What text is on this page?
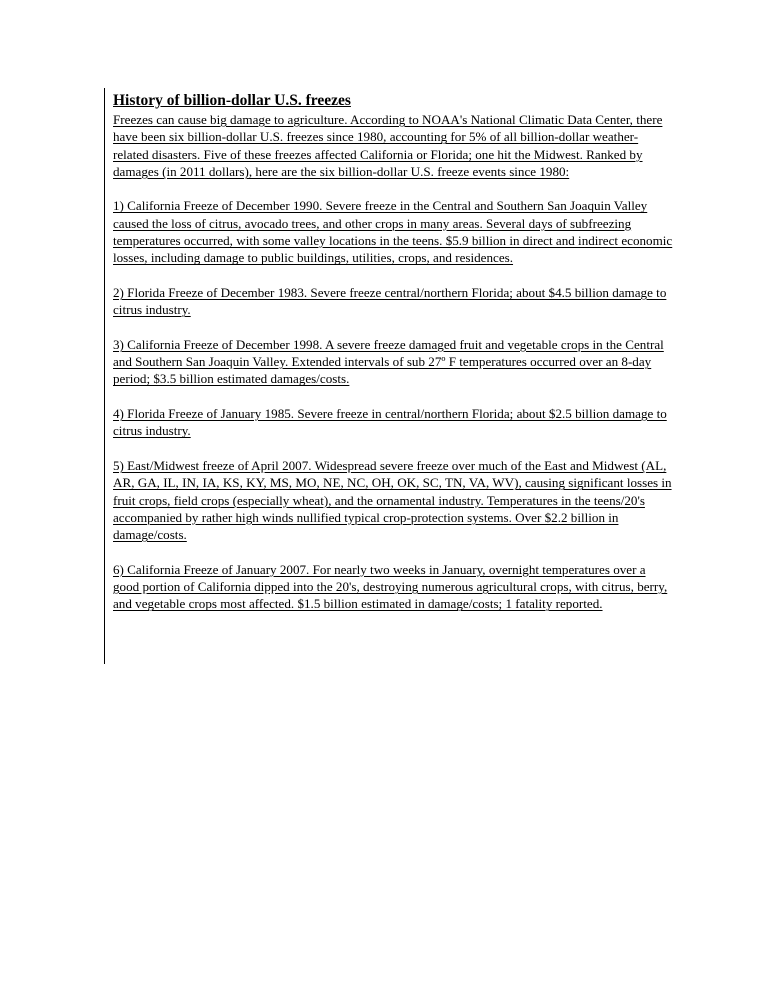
History of billion-dollar U.S. freezes

Freezes can cause big damage to agriculture. According to NOAA's National Climatic Data Center, there have been six billion-dollar U.S. freezes since 1980, accounting for 5% of all billion-dollar weather-related disasters. Five of these freezes affected California or Florida; one hit the Midwest. Ranked by damages (in 2011 dollars), here are the six billion-dollar U.S. freeze events since 1980:

1) California Freeze of December 1990. Severe freeze in the Central and Southern San Joaquin Valley caused the loss of citrus, avocado trees, and other crops in many areas. Several days of subfreezing temperatures occurred, with some valley locations in the teens. $5.9 billion in direct and indirect economic losses, including damage to public buildings, utilities, crops, and residences.

2) Florida Freeze of December 1983. Severe freeze central/northern Florida; about $4.5 billion damage to citrus industry.

3) California Freeze of December 1998. A severe freeze damaged fruit and vegetable crops in the Central and Southern San Joaquin Valley. Extended intervals of sub 27º F temperatures occurred over an 8-day period; $3.5 billion estimated damages/costs.

4) Florida Freeze of January 1985. Severe freeze in central/northern Florida; about $2.5 billion damage to citrus industry.

5) East/Midwest freeze of April 2007. Widespread severe freeze over much of the East and Midwest (AL, AR, GA, IL, IN, IA, KS, KY, MS, MO, NE, NC, OH, OK, SC, TN, VA, WV), causing significant losses in fruit crops, field crops (especially wheat), and the ornamental industry. Temperatures in the teens/20's accompanied by rather high winds nullified typical crop-protection systems. Over $2.2 billion in damage/costs.

6) California Freeze of January 2007. For nearly two weeks in January, overnight temperatures over a good portion of California dipped into the 20's, destroying numerous agricultural crops, with citrus, berry, and vegetable crops most affected. $1.5 billion estimated in damage/costs; 1 fatality reported.
